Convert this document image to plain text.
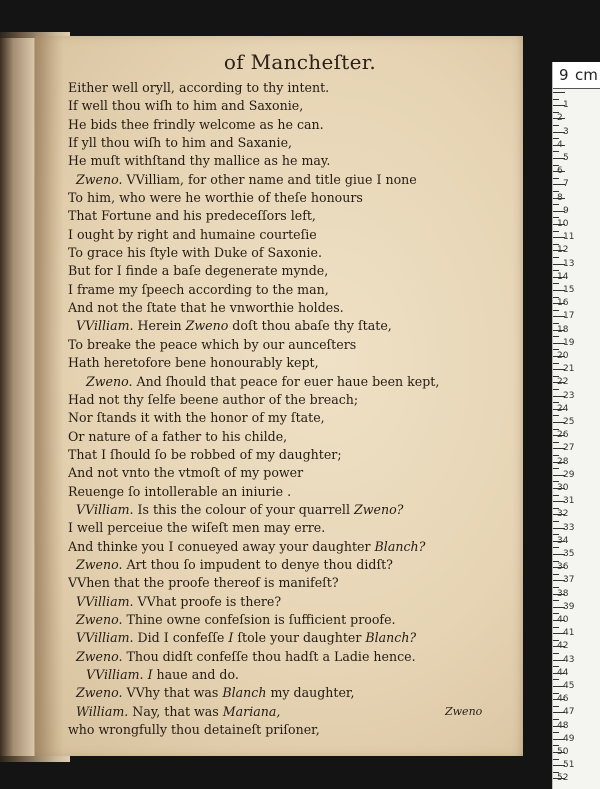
of Mancheſter.
Either well oryll, according to thy intent.
If well thou wiſh to him and Saxonie,
He bids thee frindly welcome as he can.
If yll thou wiſh to him and Saxanie,
He muſt withſtand thy mallice as he may.
Zweno. VVilliam, for other name and title giue I none
To him, who were he worthie of theſe honours
That Fortune and his predeceſſors left,
I ought by right and humaine courteſie
To grace his ſtyle with Duke of Saxonie.
But for I finde a baſe degenerate mynde,
I frame my ſpeech according to the man,
And not the ſtate that he vnworthie holdes.
VVilliam. Herein Zweno doſt thou abaſe thy ſtate,
To breake the peace which by our aunceſters
Hath heretofore bene honourably kept,
Zweno. And ſhould that peace for euer haue been kept,
Had not thy ſelfe beene author of the breach;
Nor ſtands it with the honor of my ſtate,
Or nature of a father to his childe,
That I ſhould ſo be robbed of my daughter;
And not vnto the vtmoſt of my power
Reuenge ſo intollerable an iniurie .
VVilliam. Is this the colour of your quarrell Zweno?
I well perceiue the wiſeſt men may erre.
And thinke you I conueyed away your daughter Blanch?
Zweno. Art thou ſo impudent to denye thou didſt?
VVhen that the proofe thereof is manifeſt?
VVilliam. VVhat proofe is there?
Zweno. Thine owne confeſsion is ſufficient proofe.
VVilliam. Did I confeſſe I ſtole your daughter Blanch?
Zweno. Thou didſt confeſſe thou hadſt a Ladie hence.
VVilliam. I haue and do.
Zweno. VVhy that was Blanch my daughter,
William. Nay, that was Mariana,
who wrongfully thou detaineſt priſoner,
Zweno
9 cm
1
2
3
4
5
6
7
8
9
10
11
12
13
14
15
16
17
18
19
20
21
22
23
24
25
26
27
28
29
30
31
32
33
34
35
36
37
38
39
40
41
42
43
44
45
46
47
48
49
50
51
52
